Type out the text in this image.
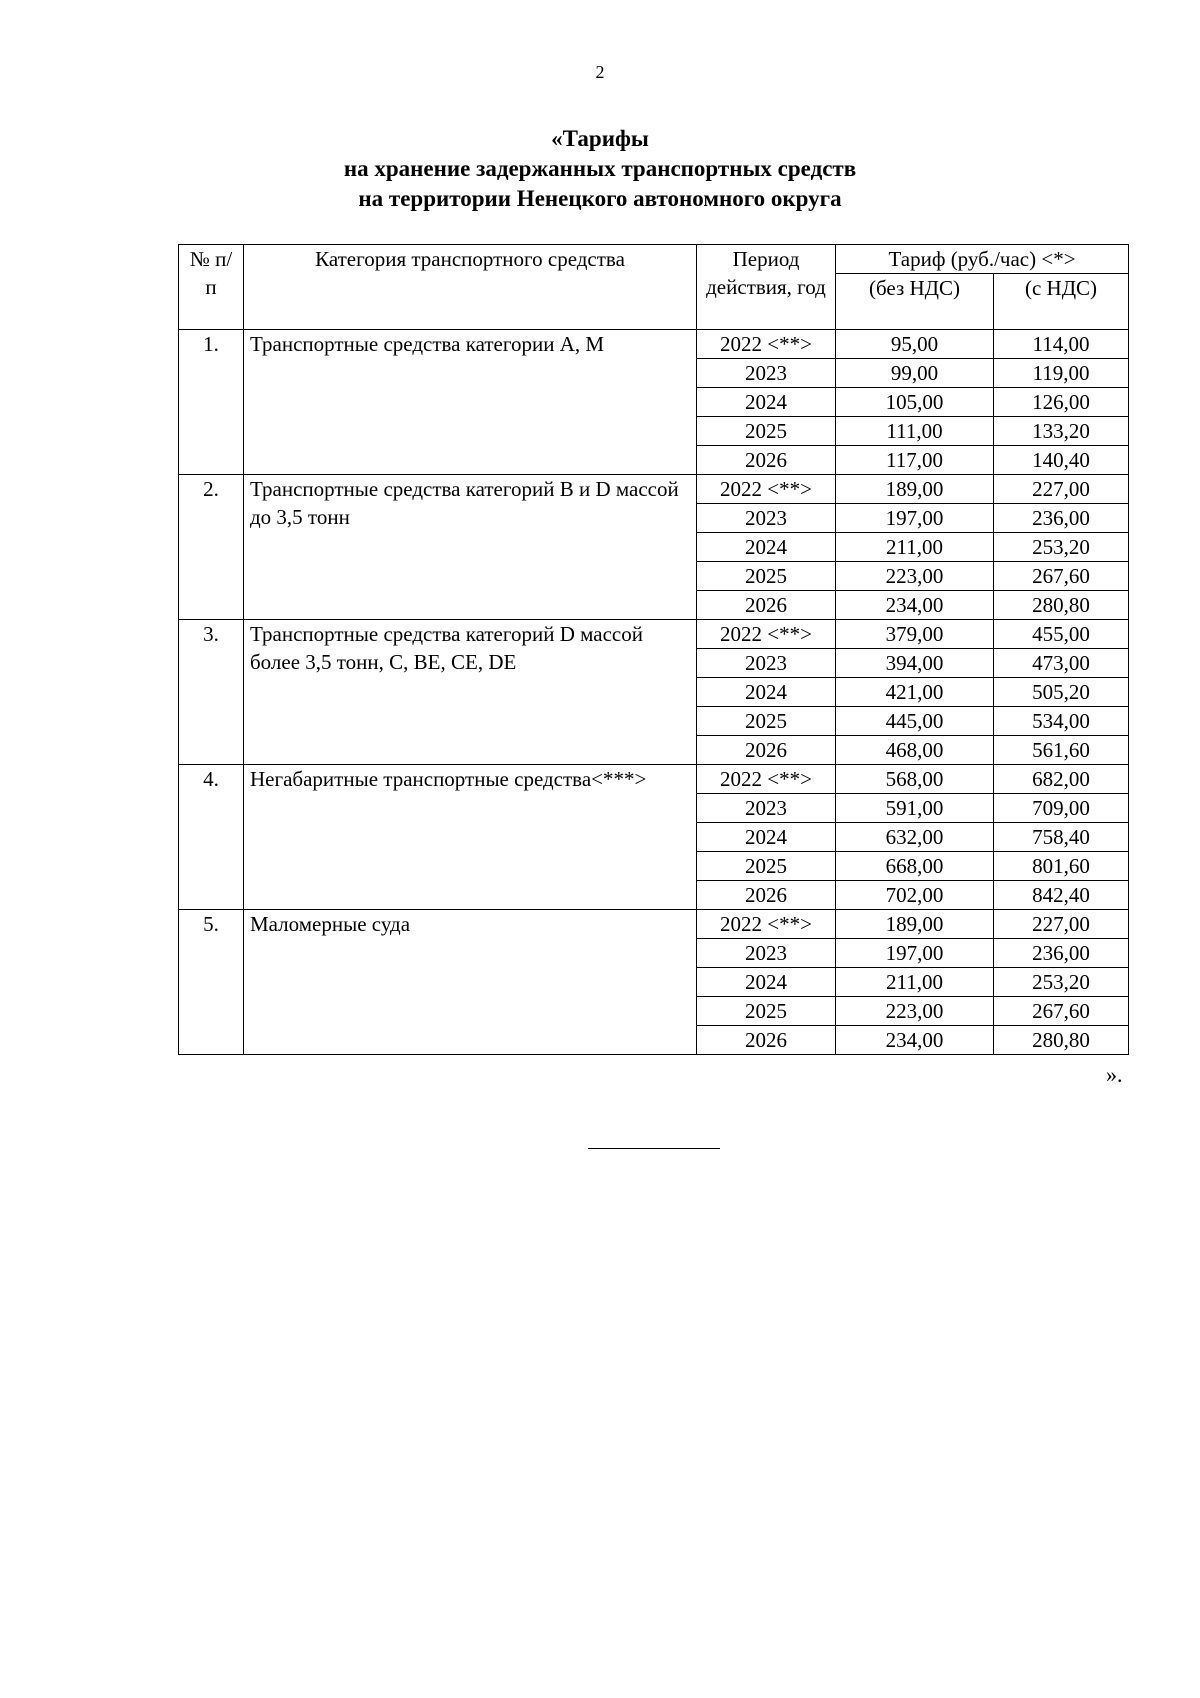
2
«Тарифы
на хранение задержанных транспортных средств
на территории Ненецкого автономного округа
№ п/п	Категория транспортного средства	Период действия, год	Тариф (руб./час) <*>	
			(без НДС)	(с НДС)
1.	Транспортные средства категории А, М	2022 <**>	95,00	114,00
		2023	99,00	119,00
		2024	105,00	126,00
		2025	111,00	133,20
		2026	117,00	140,40
2.	Транспортные средства категорий B и D массой до 3,5 тонн	2022 <**>	189,00	227,00
		2023	197,00	236,00
		2024	211,00	253,20
		2025	223,00	267,60
		2026	234,00	280,80
3.	Транспортные средства категорий D массой более 3,5 тонн, C, BE, CE, DE	2022 <**>	379,00	455,00
		2023	394,00	473,00
		2024	421,00	505,20
		2025	445,00	534,00
		2026	468,00	561,60
4.	Негабаритные транспортные средства<***>	2022 <**>	568,00	682,00
		2023	591,00	709,00
		2024	632,00	758,40
		2025	668,00	801,60
		2026	702,00	842,40
5.	Маломерные суда	2022 <**>	189,00	227,00
		2023	197,00	236,00
		2024	211,00	253,20
		2025	223,00	267,60
		2026	234,00	280,80
».
